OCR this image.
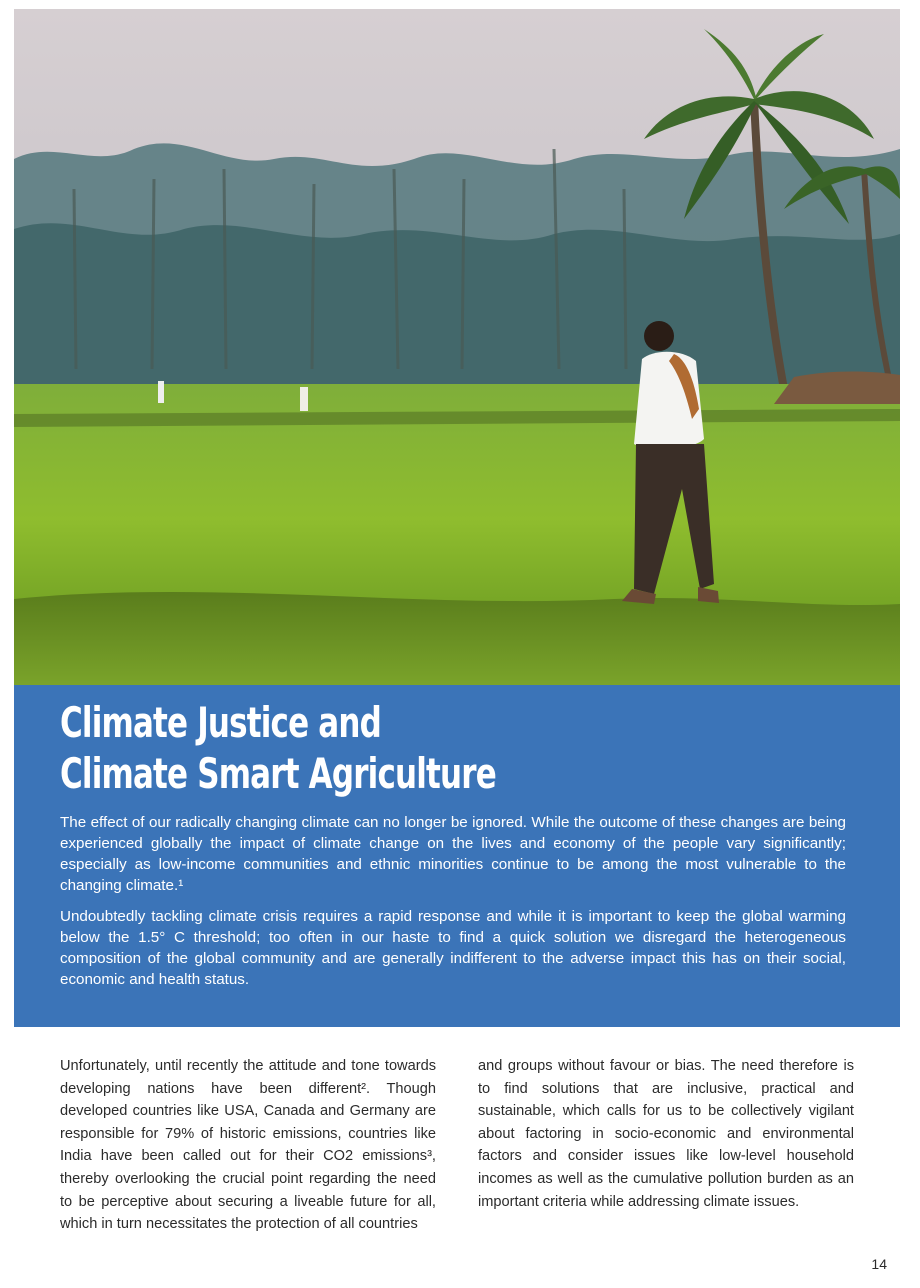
Climate Justice and
Climate Smart Agriculture

The effect of our radically changing climate can no longer be ignored. While the outcome of these changes are being experienced globally the impact of climate change on the lives and economy of the people vary significantly; especially as low-income communities and ethnic minorities continue to be among the most vulnerable to the changing climate.¹

Undoubtedly tackling climate crisis requires a rapid response and while it is important to keep the global warming below the 1.5° C threshold; too often in our haste to find a quick solution we disregard the heterogeneous composition of the global community and are generally indifferent to the adverse impact this has on their social, economic and health status.

Unfortunately, until recently the attitude and tone towards developing nations have been different². Though developed countries like USA, Canada and Germany are responsible for 79% of historic emissions, countries like India have been called out for their CO2 emissions³, thereby overlooking the crucial point regarding the need to be perceptive about securing a liveable future for all, which in turn necessitates the protection of all countries

and groups without favour or bias. The need therefore is to find solutions that are inclusive, practical and sustainable, which calls for us to be collectively vigilant about factoring in socio-economic and environmental factors and consider issues like low-level household incomes as well as the cumulative pollution burden as an important criteria while addressing climate issues.

14
